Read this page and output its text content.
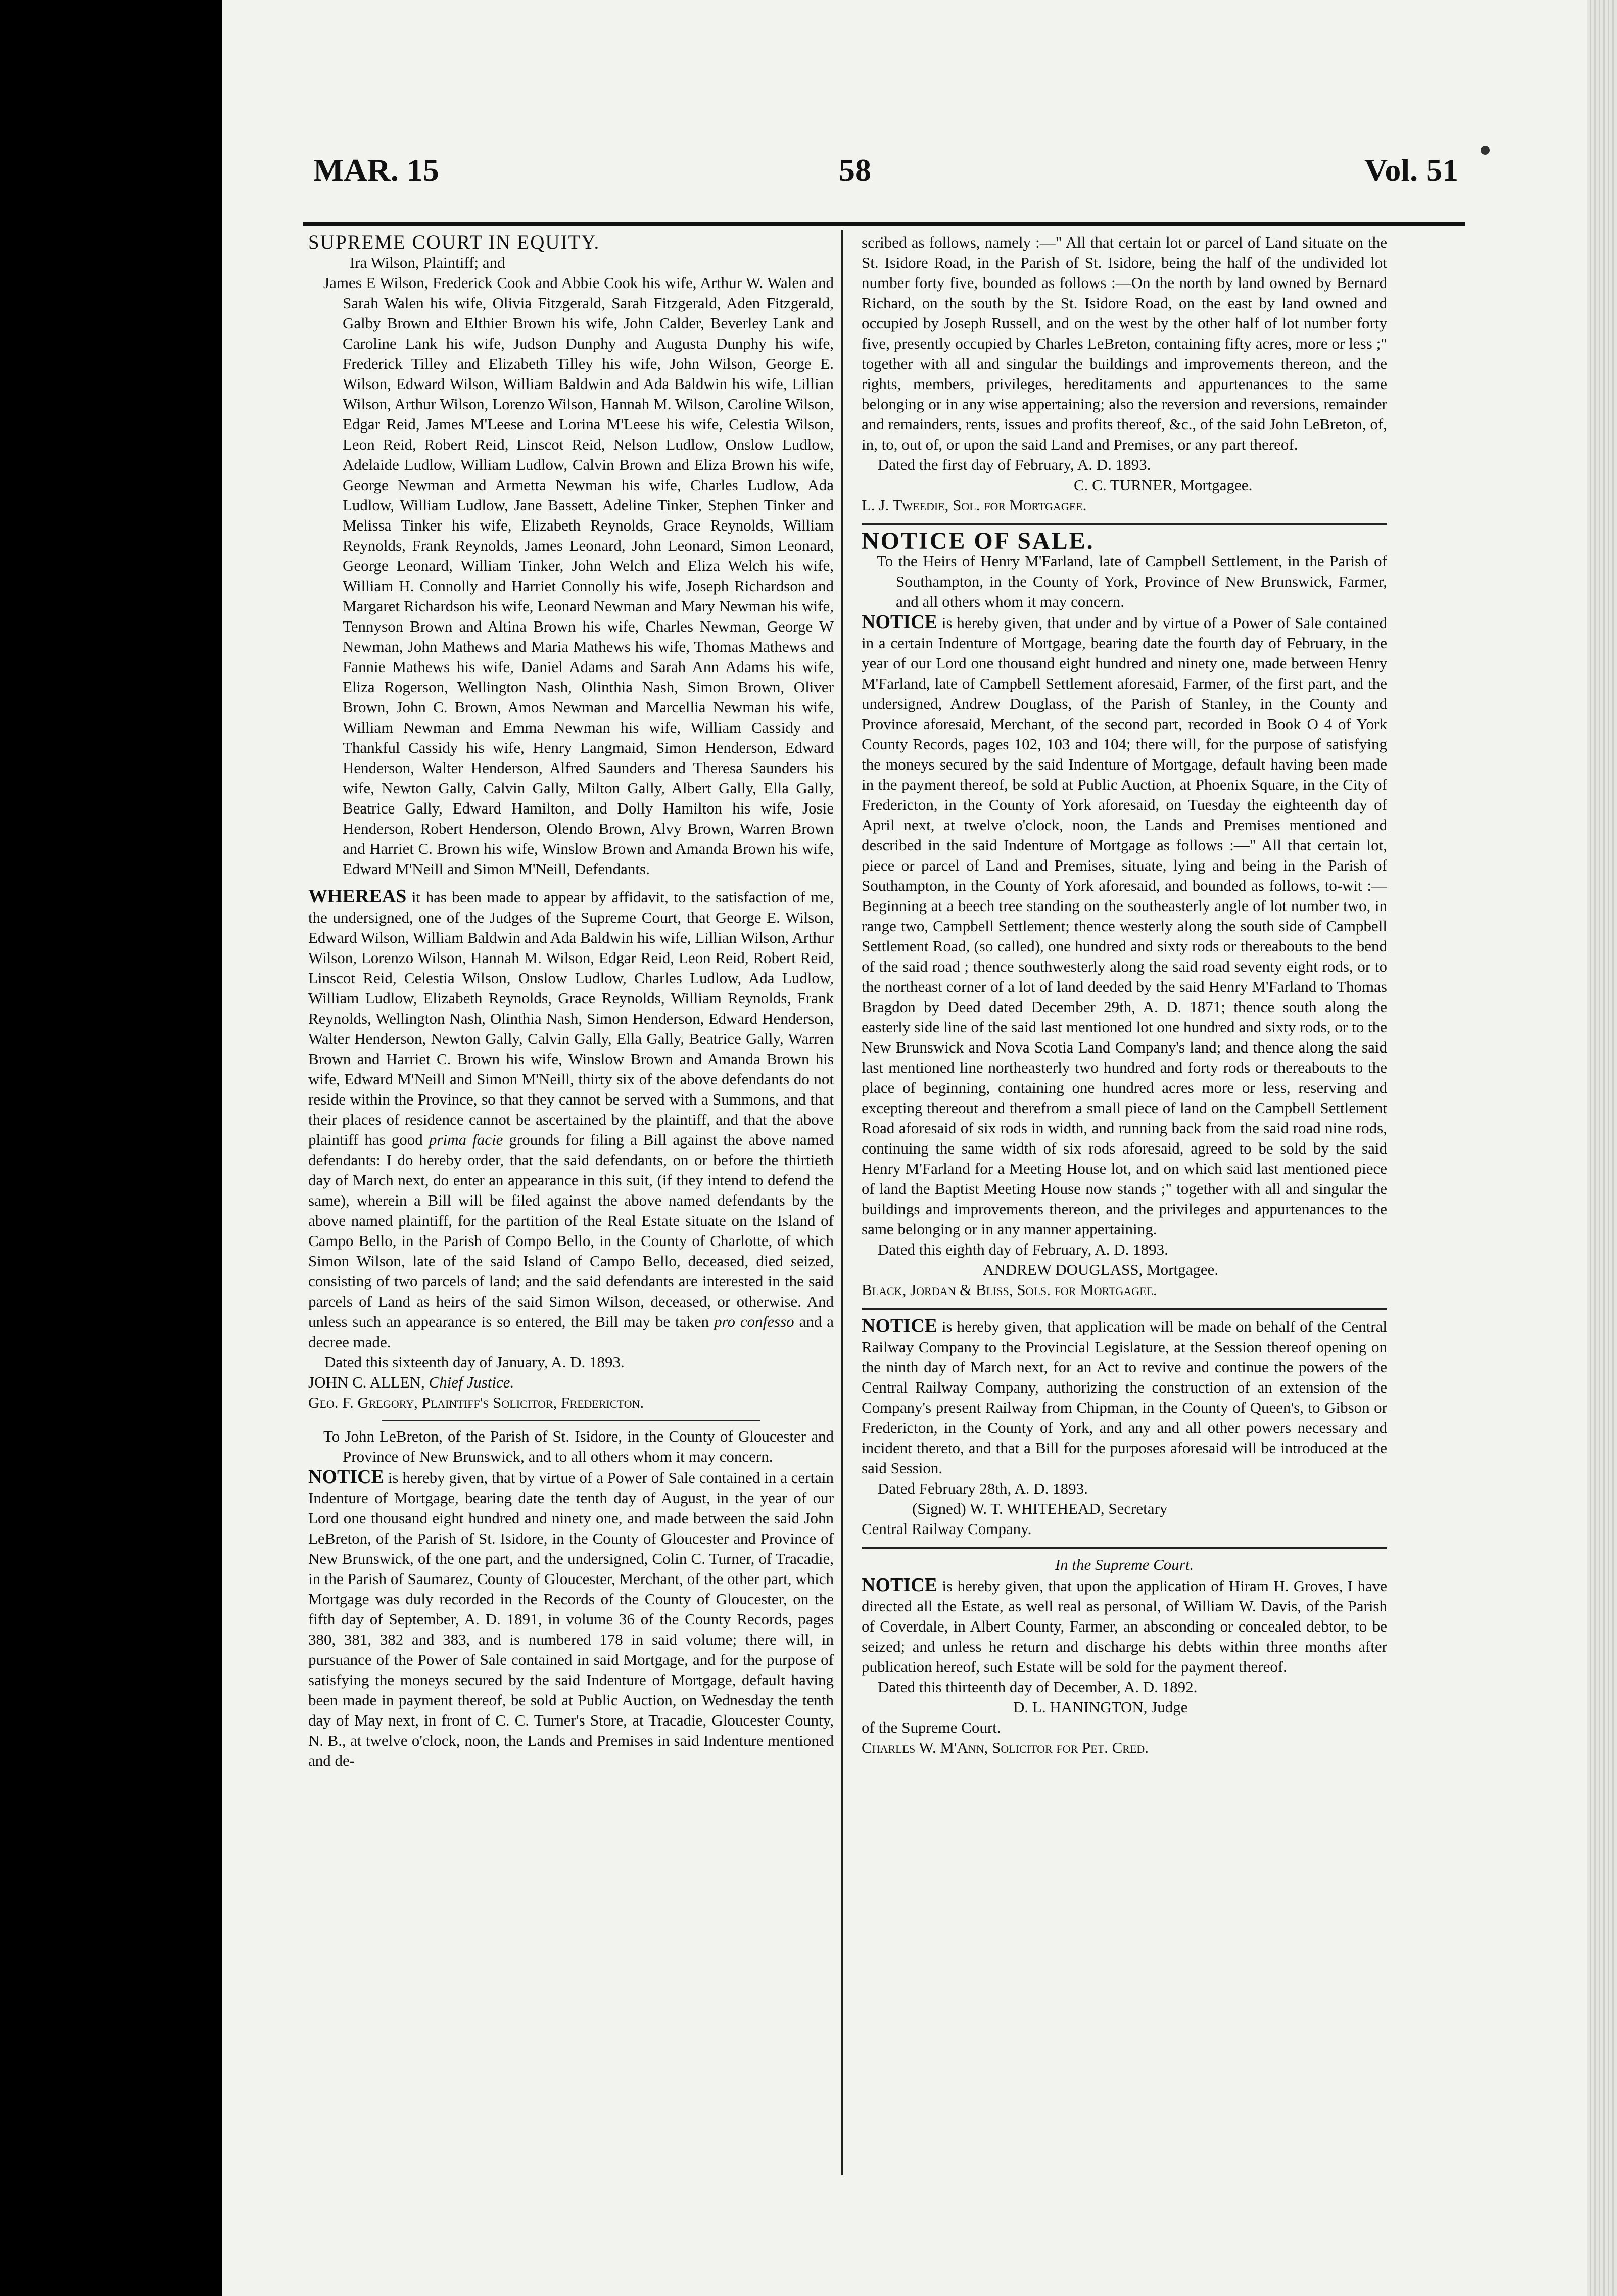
MAR. 15	58	Vol. 51

SUPREME COURT IN EQUITY.

Ira Wilson, Plaintiff; and

James E Wilson, Frederick Cook and Abbie Cook his wife, Arthur W. Walen and Sarah Walen his wife, Olivia Fitzgerald, Sarah Fitzgerald, Aden Fitzgerald, Galby Brown and Elthier Brown his wife, John Calder, Beverley Lank and Caroline Lank his wife, Judson Dunphy and Augusta Dunphy his wife, Frederick Tilley and Elizabeth Tilley his wife, John Wilson, George E. Wilson, Edward Wilson, William Baldwin and Ada Baldwin his wife, Lillian Wilson, Arthur Wilson, Lorenzo Wilson, Hannah M. Wilson, Caroline Wilson, Edgar Reid, James M'Leese and Lorina M'Leese his wife, Celestia Wilson, Leon Reid, Robert Reid, Linscot Reid, Nelson Ludlow, Onslow Ludlow, Adelaide Ludlow, William Ludlow, Calvin Brown and Eliza Brown his wife, George Newman and Armetta Newman his wife, Charles Ludlow, Ada Ludlow, William Ludlow, Jane Bassett, Adeline Tinker, Stephen Tinker and Melissa Tinker his wife, Elizabeth Reynolds, Grace Reynolds, William Reynolds, Frank Reynolds, James Leonard, John Leonard, Simon Leonard, George Leonard, William Tinker, John Welch and Eliza Welch his wife, William H. Connolly and Harriet Connolly his wife, Joseph Richardson and Margaret Richardson his wife, Leonard Newman and Mary Newman his wife, Tennyson Brown and Altina Brown his wife, Charles Newman, George W Newman, John Mathews and Maria Mathews his wife, Thomas Mathews and Fannie Mathews his wife, Daniel Adams and Sarah Ann Adams his wife, Eliza Rogerson, Wellington Nash, Olinthia Nash, Simon Brown, Oliver Brown, John C. Brown, Amos Newman and Marcellia Newman his wife, William Newman and Emma Newman his wife, William Cassidy and Thankful Cassidy his wife, Henry Langmaid, Simon Henderson, Edward Henderson, Walter Henderson, Alfred Saunders and Theresa Saunders his wife, Newton Gally, Calvin Gally, Milton Gally, Albert Gally, Ella Gally, Beatrice Gally, Edward Hamilton, and Dolly Hamilton his wife, Josie Henderson, Robert Henderson, Olendo Brown, Alvy Brown, Warren Brown and Harriet C. Brown his wife, Winslow Brown and Amanda Brown his wife, Edward M'Neill and Simon M'Neill, Defendants.

WHEREAS it has been made to appear by affidavit, to the satisfaction of me, the undersigned, one of the Judges of the Supreme Court, that George E. Wilson, Edward Wilson, William Baldwin and Ada Baldwin his wife, Lillian Wilson, Arthur Wilson, Lorenzo Wilson, Hannah M. Wilson, Edgar Reid, Leon Reid, Robert Reid, Linscot Reid, Celestia Wilson, Onslow Ludlow, Charles Ludlow, Ada Ludlow, William Ludlow, Elizabeth Reynolds, Grace Reynolds, William Reynolds, Frank Reynolds, Wellington Nash, Olinthia Nash, Simon Henderson, Edward Henderson, Walter Henderson, Newton Gally, Calvin Gally, Ella Gally, Beatrice Gally, Warren Brown and Harriet C. Brown his wife, Winslow Brown and Amanda Brown his wife, Edward M'Neill and Simon M'Neill, thirty six of the above defendants do not reside within the Province, so that they cannot be served with a Summons, and that their places of residence cannot be ascertained by the plaintiff, and that the above plaintiff has good prima facie grounds for filing a Bill against the above named defendants: I do hereby order, that the said defendants, on or before the thirtieth day of March next, do enter an appearance in this suit, (if they intend to defend the same), wherein a Bill will be filed against the above named defendants by the above named plaintiff, for the partition of the Real Estate situate on the Island of Campo Bello, in the Parish of Compo Bello, in the County of Charlotte, of which Simon Wilson, late of the said Island of Campo Bello, deceased, died seized, consisting of two parcels of land; and the said defendants are interested in the said parcels of Land as heirs of the said Simon Wilson, deceased, or otherwise. And unless such an appearance is so entered, the Bill may be taken pro confesso and a decree made.

Dated this sixteenth day of January, A. D. 1893.

JOHN C. ALLEN, Chief Justice.

Geo. F. Gregory, Plaintiff's Solicitor, Fredericton.

To John LeBreton, of the Parish of St. Isidore, in the County of Gloucester and Province of New Brunswick, and to all others whom it may concern.

NOTICE is hereby given, that by virtue of a Power of Sale contained in a certain Indenture of Mortgage, bearing date the tenth day of August, in the year of our Lord one thousand eight hundred and ninety one, and made between the said John LeBreton, of the Parish of St. Isidore, in the County of Gloucester and Province of New Brunswick, of the one part, and the undersigned, Colin C. Turner, of Tracadie, in the Parish of Saumarez, County of Gloucester, Merchant, of the other part, which Mortgage was duly recorded in the Records of the County of Gloucester, on the fifth day of September, A. D. 1891, in volume 36 of the County Records, pages 380, 381, 382 and 383, and is numbered 178 in said volume; there will, in pursuance of the Power of Sale contained in said Mortgage, and for the purpose of satisfying the moneys secured by the said Indenture of Mortgage, default having been made in payment thereof, be sold at Public Auction, on Wednesday the tenth day of May next, in front of C. C. Turner's Store, at Tracadie, Gloucester County, N. B., at twelve o'clock, noon, the Lands and Premises in said Indenture mentioned and de-

scribed as follows, namely :—" All that certain lot or parcel of Land situate on the St. Isidore Road, in the Parish of St. Isidore, being the half of the undivided lot number forty five, bounded as follows :—On the north by land owned by Bernard Richard, on the south by the St. Isidore Road, on the east by land owned and occupied by Joseph Russell, and on the west by the other half of lot number forty five, presently occupied by Charles LeBreton, containing fifty acres, more or less ;" together with all and singular the buildings and improvements thereon, and the rights, members, privileges, hereditaments and appurtenances to the same belonging or in any wise appertaining; also the reversion and reversions, remainder and remainders, rents, issues and profits thereof, &c., of the said John LeBreton, of, in, to, out of, or upon the said Land and Premises, or any part thereof.

Dated the first day of February, A. D. 1893.

C. C. TURNER, Mortgagee.

L. J. Tweedie, Sol. for Mortgagee.

NOTICE OF SALE.

To the Heirs of Henry M'Farland, late of Campbell Settlement, in the Parish of Southampton, in the County of York, Province of New Brunswick, Farmer, and all others whom it may concern.

NOTICE is hereby given, that under and by virtue of a Power of Sale contained in a certain Indenture of Mortgage, bearing date the fourth day of February, in the year of our Lord one thousand eight hundred and ninety one, made between Henry M'Farland, late of Campbell Settlement aforesaid, Farmer, of the first part, and the undersigned, Andrew Douglass, of the Parish of Stanley, in the County and Province aforesaid, Merchant, of the second part, recorded in Book O 4 of York County Records, pages 102, 103 and 104; there will, for the purpose of satisfying the moneys secured by the said Indenture of Mortgage, default having been made in the payment thereof, be sold at Public Auction, at Phoenix Square, in the City of Fredericton, in the County of York aforesaid, on Tuesday the eighteenth day of April next, at twelve o'clock, noon, the Lands and Premises mentioned and described in the said Indenture of Mortgage as follows :—" All that certain lot, piece or parcel of Land and Premises, situate, lying and being in the Parish of Southampton, in the County of York aforesaid, and bounded as follows, to-wit :—Beginning at a beech tree standing on the southeasterly angle of lot number two, in range two, Campbell Settlement; thence westerly along the south side of Campbell Settlement Road, (so called), one hundred and sixty rods or thereabouts to the bend of the said road ; thence southwesterly along the said road seventy eight rods, or to the northeast corner of a lot of land deeded by the said Henry M'Farland to Thomas Bragdon by Deed dated December 29th, A. D. 1871; thence south along the easterly side line of the said last mentioned lot one hundred and sixty rods, or to the New Brunswick and Nova Scotia Land Company's land; and thence along the said last mentioned line northeasterly two hundred and forty rods or thereabouts to the place of beginning, containing one hundred acres more or less, reserving and excepting thereout and therefrom a small piece of land on the Campbell Settlement Road aforesaid of six rods in width, and running back from the said road nine rods, continuing the same width of six rods aforesaid, agreed to be sold by the said Henry M'Farland for a Meeting House lot, and on which said last mentioned piece of land the Baptist Meeting House now stands ;" together with all and singular the buildings and improvements thereon, and the privileges and appurtenances to the same belonging or in any manner appertaining.

Dated this eighth day of February, A. D. 1893.

ANDREW DOUGLASS, Mortgagee.

Black, Jordan & Bliss, Sols. for Mortgagee.

NOTICE is hereby given, that application will be made on behalf of the Central Railway Company to the Provincial Legislature, at the Session thereof opening on the ninth day of March next, for an Act to revive and continue the powers of the Central Railway Company, authorizing the construction of an extension of the Company's present Railway from Chipman, in the County of Queen's, to Gibson or Fredericton, in the County of York, and any and all other powers necessary and incident thereto, and that a Bill for the purposes aforesaid will be introduced at the said Session.

Dated February 28th, A. D. 1893.

(Signed) W. T. WHITEHEAD, Secretary

Central Railway Company.

In the Supreme Court.

NOTICE is hereby given, that upon the application of Hiram H. Groves, I have directed all the Estate, as well real as personal, of William W. Davis, of the Parish of Coverdale, in Albert County, Farmer, an absconding or concealed debtor, to be seized; and unless he return and discharge his debts within three months after publication hereof, such Estate will be sold for the payment thereof.

Dated this thirteenth day of December, A. D. 1892.

D. L. HANINGTON, Judge

of the Supreme Court.

Charles W. M'Ann, Solicitor for Pet. Cred.
